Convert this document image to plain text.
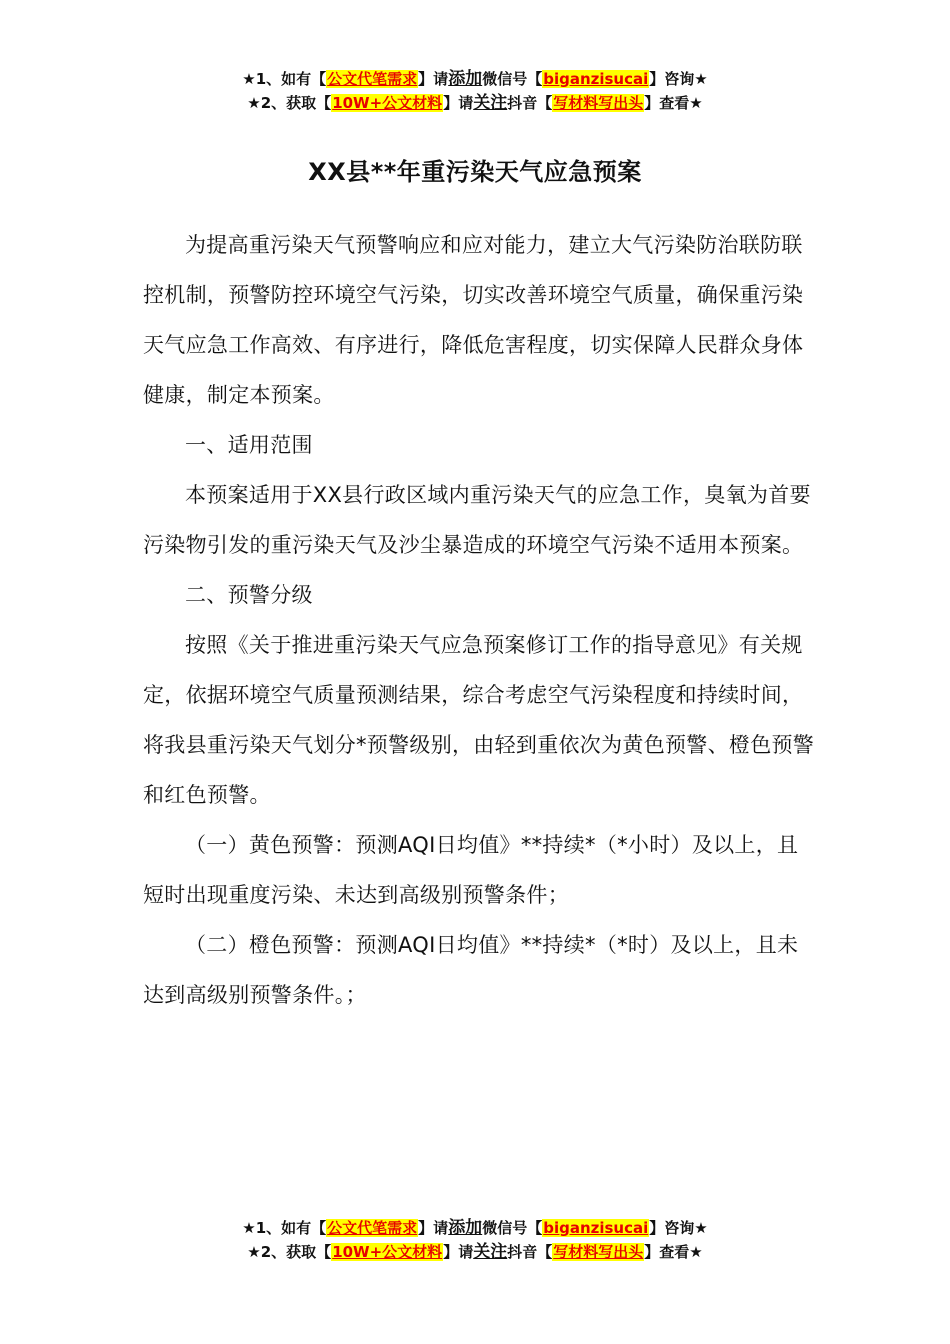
★1、如有【公文代笔需求】请添加微信号【biganzisucai】咨询★
★2、获取【10W+公文材料】请关注抖音【写材料写出头】查看★
XX县**年重污染天气应急预案

为提高重污染天气预警响应和应对能力，建立大气污染防治联防联控机制，预警防控环境空气污染，切实改善环境空气质量，确保重污染天气应急工作高效、有序进行，降低危害程度，切实保障人民群众身体健康，制定本预案。

一、适用范围

本预案适用于XX县行政区域内重污染天气的应急工作，臭氧为首要污染物引发的重污染天气及沙尘暴造成的环境空气污染不适用本预案。

二、预警分级

按照《关于推进重污染天气应急预案修订工作的指导意见》有关规定，依据环境空气质量预测结果，综合考虑空气污染程度和持续时间，将我县重污染天气划分*预警级别，由轻到重依次为黄色预警、橙色预警和红色预警。

（一）黄色预警：预测AQI日均值》**持续*（*小时）及以上，且短时出现重度污染、未达到高级别预警条件；

（二）橙色预警：预测AQI日均值》**持续*（*时）及以上，且未达到高级别预警条件。；

★1、如有【公文代笔需求】请添加微信号【biganzisucai】咨询★
★2、获取【10W+公文材料】请关注抖音【写材料写出头】查看★
